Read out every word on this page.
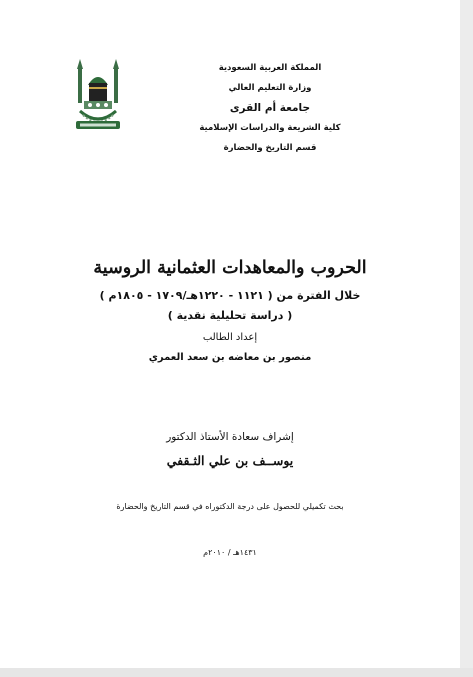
المملكة العربية السعودية
وزارة التعليم العالي
جامعة أم القرى
كلية الشريعة والدراسات الإسلامية
قسم التاريخ والحضارة
الحروب والمعاهدات العثمانية الروسية
خلال الفترة من ( ١١٢١ - ١٢٢٠هـ/١٧٠٩ - ١٨٠٥م )
( دراسة تحليلية نقدية )
إعداد الطالب
منصور بن معاضه بن سعد العمري
إشراف سعادة الأستاذ الدكتور
يوســف بن علي الثـقفي
بحث تكميلي للحصول على درجة الدكتوراه في قسم التاريخ والحضارة
١٤٣١هـ / ٢٠١٠م
